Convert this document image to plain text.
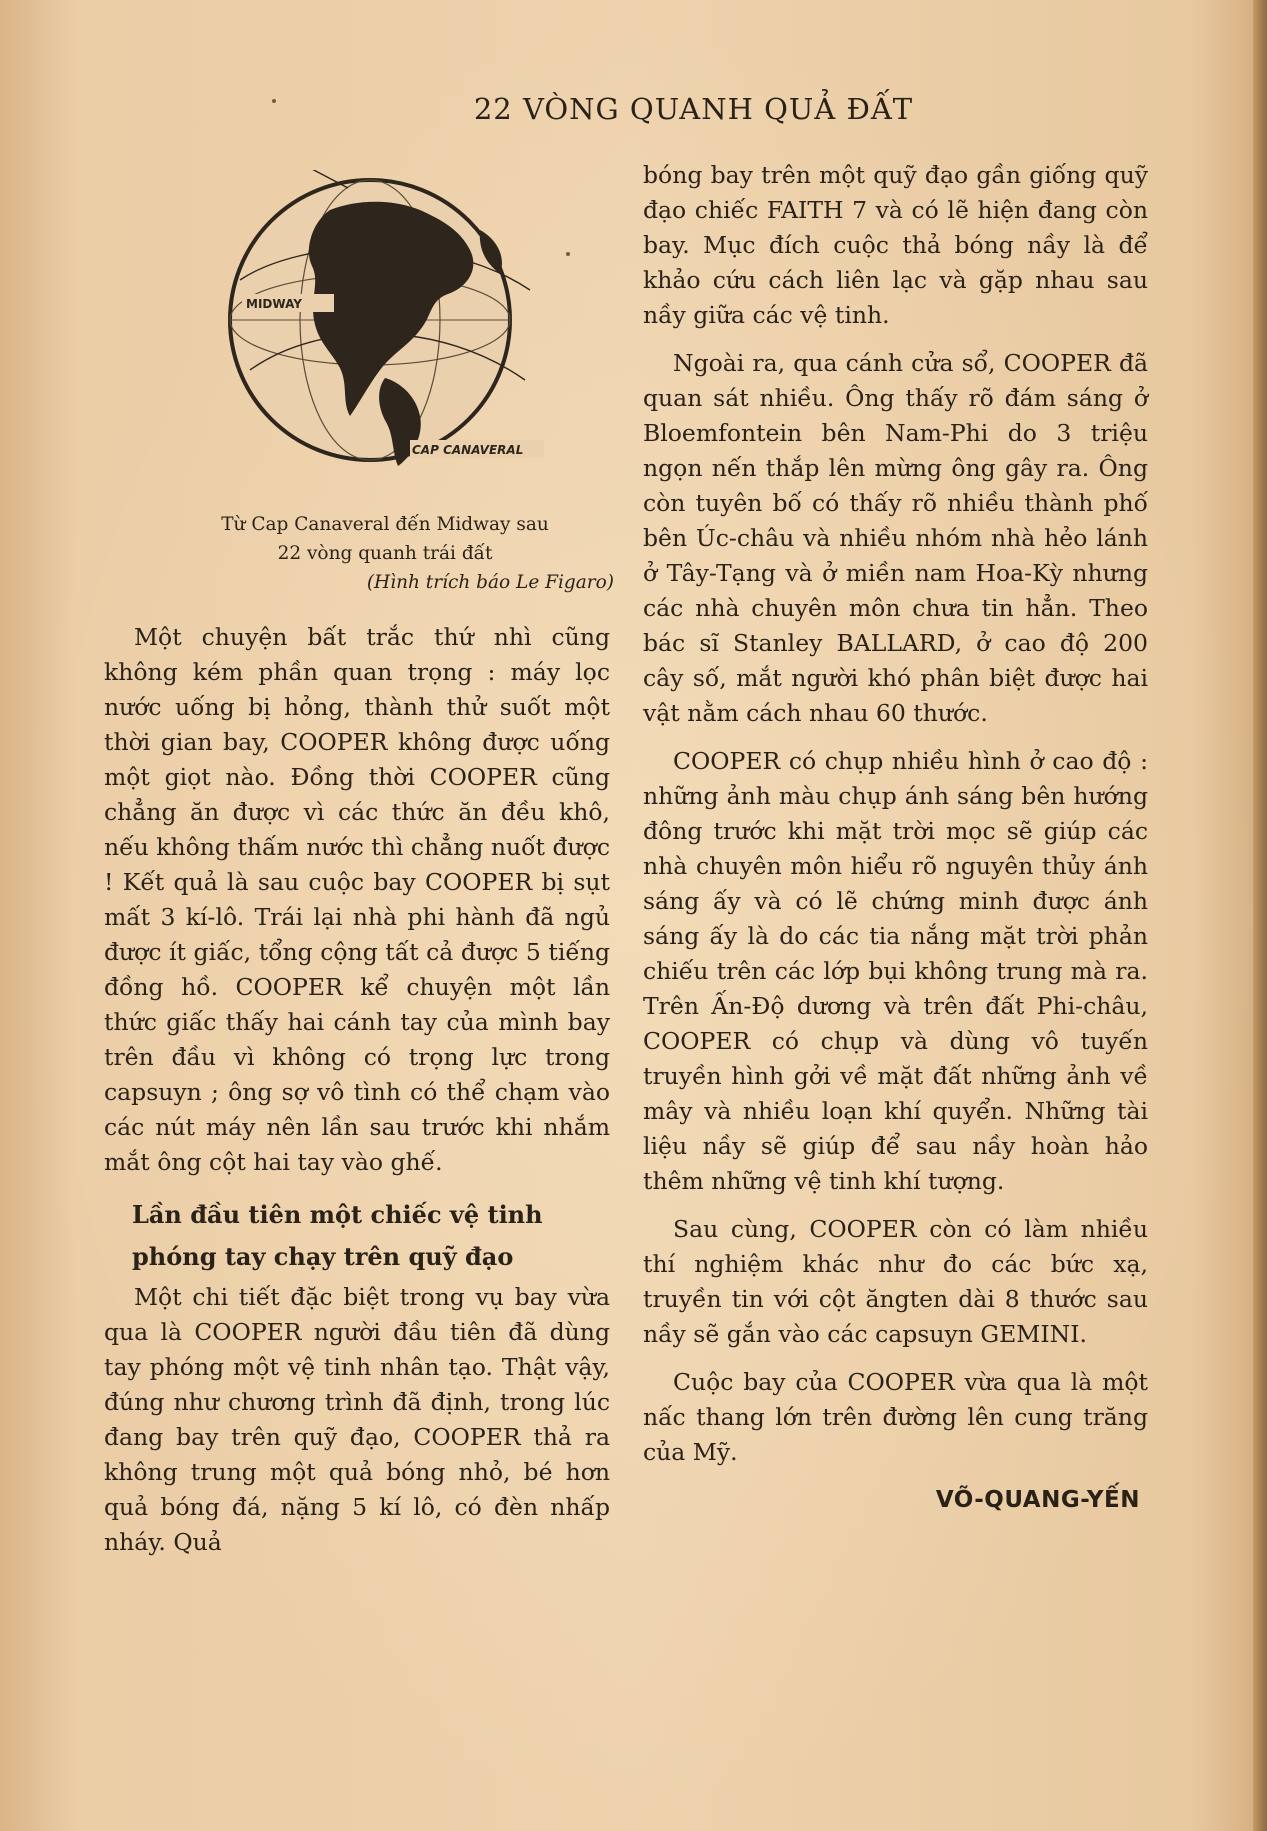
22 VÒNG QUANH QUẢ ĐẤT
MIDWAY
CAP CANAVERAL
Từ Cap Canaveral đến Midway sau
22 vòng quanh trái đất
(Hình trích báo Le Figaro)

Một chuyện bất trắc thứ nhì cũng không kém phần quan trọng : máy lọc nước uống bị hỏng, thành thử suốt một thời gian bay, COOPER không được uống một giọt nào. Đồng thời COOPER cũng chẳng ăn được vì các thức ăn đều khô, nếu không thấm nước thì chẳng nuốt được ! Kết quả là sau cuộc bay COOPER bị sụt mất 3 kí-lô. Trái lại nhà phi hành đã ngủ được ít giấc, tổng cộng tất cả được 5 tiếng đồng hồ. COOPER kể chuyện một lần thức giấc thấy hai cánh tay của mình bay trên đầu vì không có trọng lực trong capsuyn ; ông sợ vô tình có thể chạm vào các nút máy nên lần sau trước khi nhắm mắt ông cột hai tay vào ghế.

Lần đầu tiên một chiếc vệ tinh
phóng tay chạy trên quỹ đạo

Một chi tiết đặc biệt trong vụ bay vừa qua là COOPER người đầu tiên đã dùng tay phóng một vệ tinh nhân tạo. Thật vậy, đúng như chương trình đã định, trong lúc đang bay trên quỹ đạo, COOPER thả ra không trung một quả bóng nhỏ, bé hơn quả bóng đá, nặng 5 kí lô, có đèn nhấp nháy. Quả

bóng bay trên một quỹ đạo gần giống quỹ đạo chiếc FAITH 7 và có lẽ hiện đang còn bay. Mục đích cuộc thả bóng nầy là để khảo cứu cách liên lạc và gặp nhau sau nầy giữa các vệ tinh.

Ngoài ra, qua cánh cửa sổ, COOPER đã quan sát nhiều. Ông thấy rõ đám sáng ở Bloemfontein bên Nam-Phi do 3 triệu ngọn nến thắp lên mừng ông gây ra. Ông còn tuyên bố có thấy rõ nhiều thành phố bên Úc-châu và nhiều nhóm nhà hẻo lánh ở Tây-Tạng và ở miền nam Hoa-Kỳ nhưng các nhà chuyên môn chưa tin hẳn. Theo bác sĩ Stanley BALLARD, ở cao độ 200 cây số, mắt người khó phân biệt được hai vật nằm cách nhau 60 thước.

COOPER có chụp nhiều hình ở cao độ : những ảnh màu chụp ánh sáng bên hướng đông trước khi mặt trời mọc sẽ giúp các nhà chuyên môn hiểu rõ nguyên thủy ánh sáng ấy và có lẽ chứng minh được ánh sáng ấy là do các tia nắng mặt trời phản chiếu trên các lớp bụi không trung mà ra. Trên Ấn-Độ dương và trên đất Phi-châu, COOPER có chụp và dùng vô tuyến truyền hình gởi về mặt đất những ảnh về mây và nhiều loạn khí quyển. Những tài liệu nầy sẽ giúp để sau nầy hoàn hảo thêm những vệ tinh khí tượng.

Sau cùng, COOPER còn có làm nhiều thí nghiệm khác như đo các bức xạ, truyền tin với cột ăngten dài 8 thước sau nầy sẽ gắn vào các capsuyn GEMINI.

Cuộc bay của COOPER vừa qua là một nấc thang lớn trên đường lên cung trăng của Mỹ.

VÕ-QUANG-YẾN
